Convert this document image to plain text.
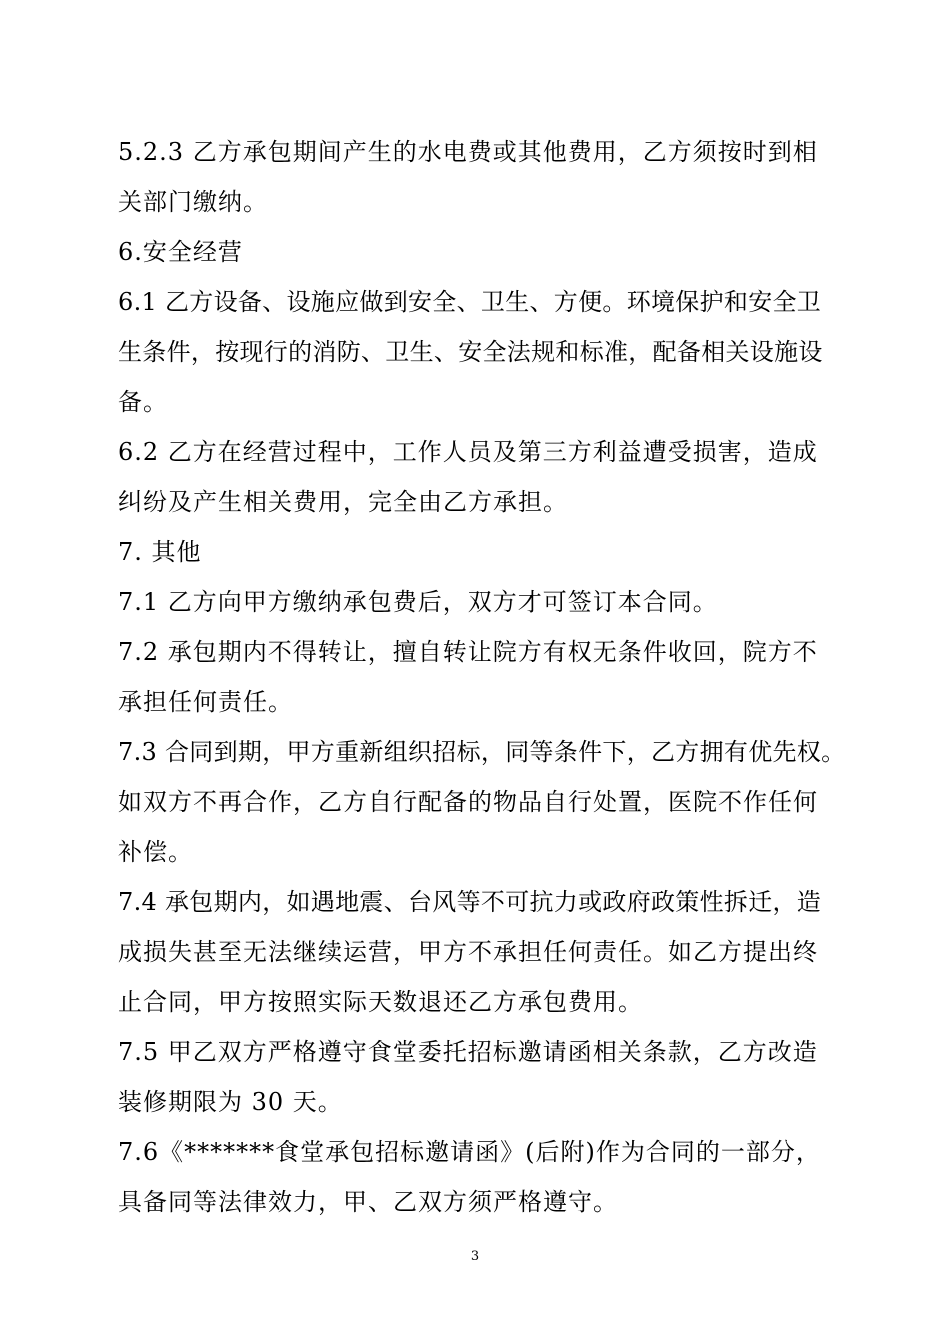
5.2.3 乙方承包期间产生的水电费或其他费用，乙方须按时到相
关部门缴纳。
6.安全经营
6.1 乙方设备、设施应做到安全、卫生、方便。环境保护和安全卫
生条件，按现行的消防、卫生、安全法规和标准，配备相关设施设
备。
6.2 乙方在经营过程中，工作人员及第三方利益遭受损害，造成
纠纷及产生相关费用，完全由乙方承担。
7. 其他
7.1 乙方向甲方缴纳承包费后，双方才可签订本合同。
7.2 承包期内不得转让，擅自转让院方有权无条件收回，院方不
承担任何责任。
7.3 合同到期，甲方重新组织招标，同等条件下，乙方拥有优先权。
如双方不再合作，乙方自行配备的物品自行处置，医院不作任何
补偿。
7.4 承包期内，如遇地震、台风等不可抗力或政府政策性拆迁，造
成损失甚至无法继续运营，甲方不承担任何责任。如乙方提出终
止合同，甲方按照实际天数退还乙方承包费用。
7.5 甲乙双方严格遵守食堂委托招标邀请函相关条款，乙方改造
装修期限为 30 天。
7.6《*******食堂承包招标邀请函》(后附)作为合同的一部分，
具备同等法律效力，甲、乙双方须严格遵守。
3
